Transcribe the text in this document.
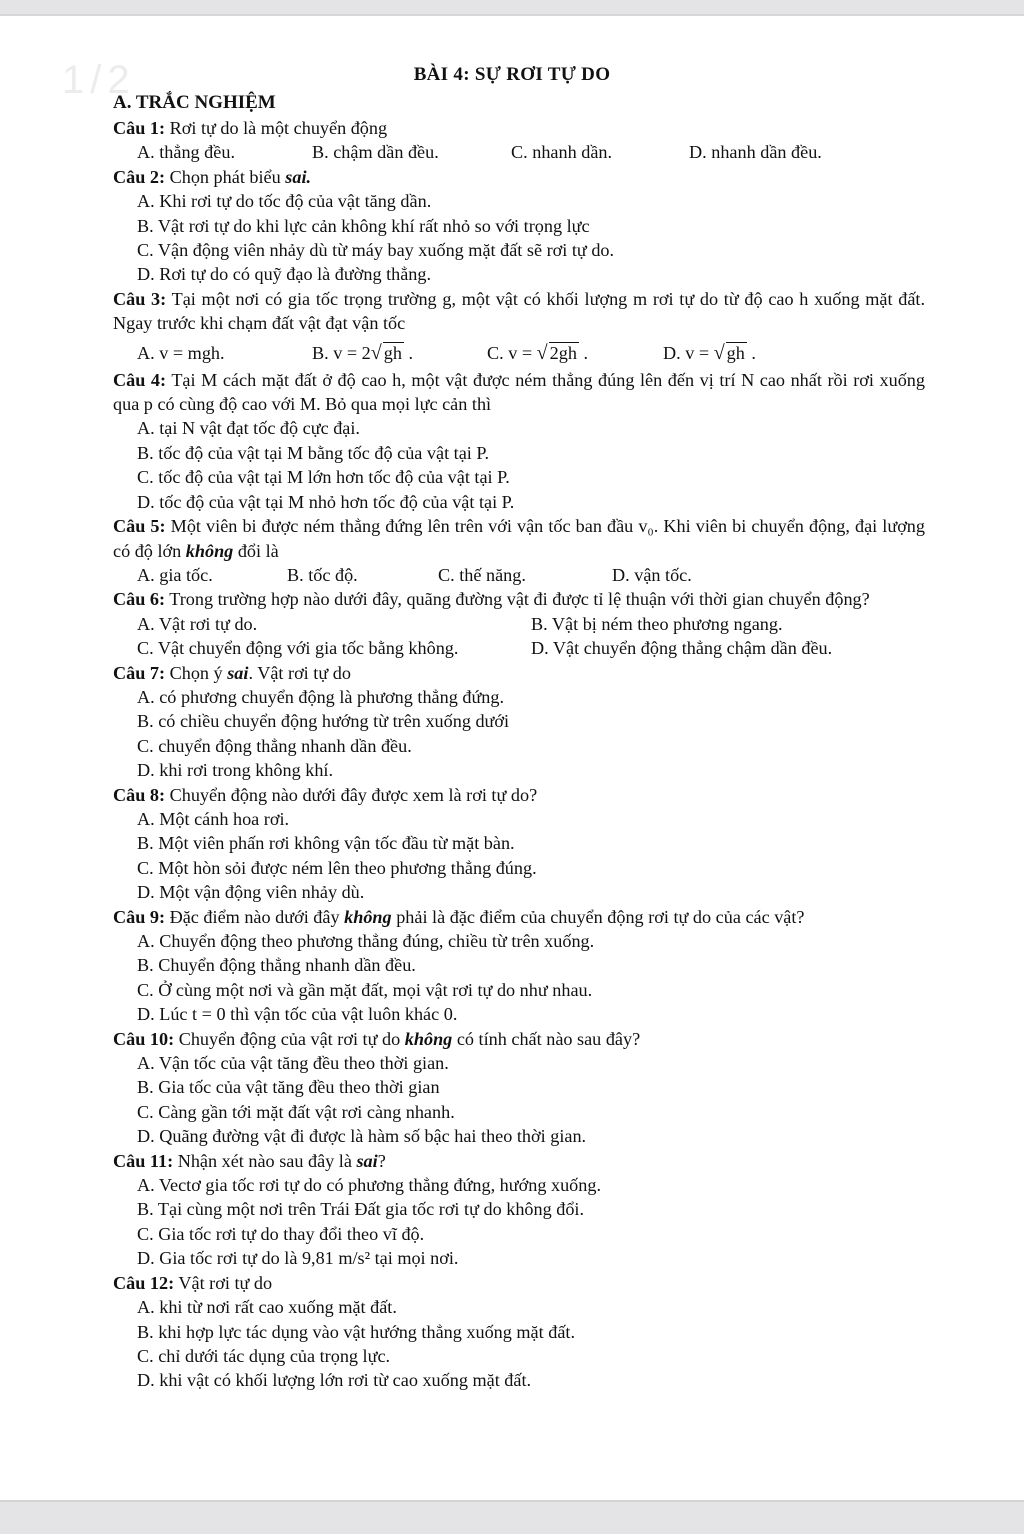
1/2	BÀI 4: SỰ RƠI TỰ DO
A. TRẮC NGHIỆM
Câu 1: Rơi tự do là một chuyển động
A. thẳng đều.	B. chậm dần đều.	C. nhanh dần.	D. nhanh dần đều.
Câu 2: Chọn phát biểu sai.
A. Khi rơi tự do tốc độ của vật tăng dần.
B. Vật rơi tự do khi lực cản không khí rất nhỏ so với trọng lực
C. Vận động viên nhảy dù từ máy bay xuống mặt đất sẽ rơi tự do.
D. Rơi tự do có quỹ đạo là đường thẳng.
Câu 3: Tại một nơi có gia tốc trọng trường g, một vật có khối lượng m rơi tự do từ độ cao h xuống mặt đất. Ngay trước khi chạm đất vật đạt vận tốc
A. v = mgh.	B. v = 2√ gh .	C. v = √ 2gh .	D. v = √ gh .
Câu 4: Tại M cách mặt đất ở độ cao h, một vật được ném thẳng đúng lên đến vị trí N cao nhất rồi rơi xuống qua p có cùng độ cao với M. Bỏ qua mọi lực cản thì
A. tại N vật đạt tốc độ cực đại.
B. tốc độ của vật tại M bằng tốc độ của vật tại P.
C. tốc độ của vật tại M lớn hơn tốc độ của vật tại P.
D. tốc độ của vật tại M nhỏ hơn tốc độ của vật tại P.
Câu 5: Một viên bi được ném thẳng đứng lên trên với vận tốc ban đầu v₀. Khi viên bi chuyển động, đại lượng có độ lớn không đổi là
A. gia tốc.	B. tốc độ.	C. thế năng.	D. vận tốc.
Câu 6: Trong trường hợp nào dưới đây, quãng đường vật đi được tỉ lệ thuận với thời gian chuyển động?
A. Vật rơi tự do.	B. Vật bị ném theo phương ngang.
C. Vật chuyển động với gia tốc bằng không.	D. Vật chuyển động thẳng chậm dần đều.
Câu 7: Chọn ý sai. Vật rơi tự do
A. có phương chuyển động là phương thẳng đứng.
B. có chiều chuyển động hướng từ trên xuống dưới
C. chuyển động thẳng nhanh dần đều.
D. khi rơi trong không khí.
Câu 8: Chuyển động nào dưới đây được xem là rơi tự do?
A. Một cánh hoa rơi.
B. Một viên phấn rơi không vận tốc đầu từ mặt bàn.
C. Một hòn sỏi được ném lên theo phương thẳng đúng.
D. Một vận động viên nhảy dù.
Câu 9: Đặc điểm nào dưới đây không phải là đặc điểm của chuyển động rơi tự do của các vật?
A. Chuyển động theo phương thẳng đúng, chiều từ trên xuống.
B. Chuyển động thẳng nhanh dần đều.
C. Ở cùng một nơi và gần mặt đất, mọi vật rơi tự do như nhau.
D. Lúc t = 0 thì vận tốc của vật luôn khác 0.
Câu 10: Chuyển động của vật rơi tự do không có tính chất nào sau đây?
A. Vận tốc của vật tăng đều theo thời gian.
B. Gia tốc của vật tăng đều theo thời gian
C. Càng gần tới mặt đất vật rơi càng nhanh.
D. Quãng đường vật đi được là hàm số bậc hai theo thời gian.
Câu 11: Nhận xét nào sau đây là sai?
A. Vectơ gia tốc rơi tự do có phương thẳng đứng, hướng xuống.
B. Tại cùng một nơi trên Trái Đất gia tốc rơi tự do không đổi.
C. Gia tốc rơi tự do thay đổi theo vĩ độ.
D. Gia tốc rơi tự do là 9,81 m/s² tại mọi nơi.
Câu 12: Vật rơi tự do
A. khi từ nơi rất cao xuống mặt đất.
B. khi hợp lực tác dụng vào vật hướng thẳng xuống mặt đất.
C. chỉ dưới tác dụng của trọng lực.
D. khi vật có khối lượng lớn rơi từ cao xuống mặt đất.
